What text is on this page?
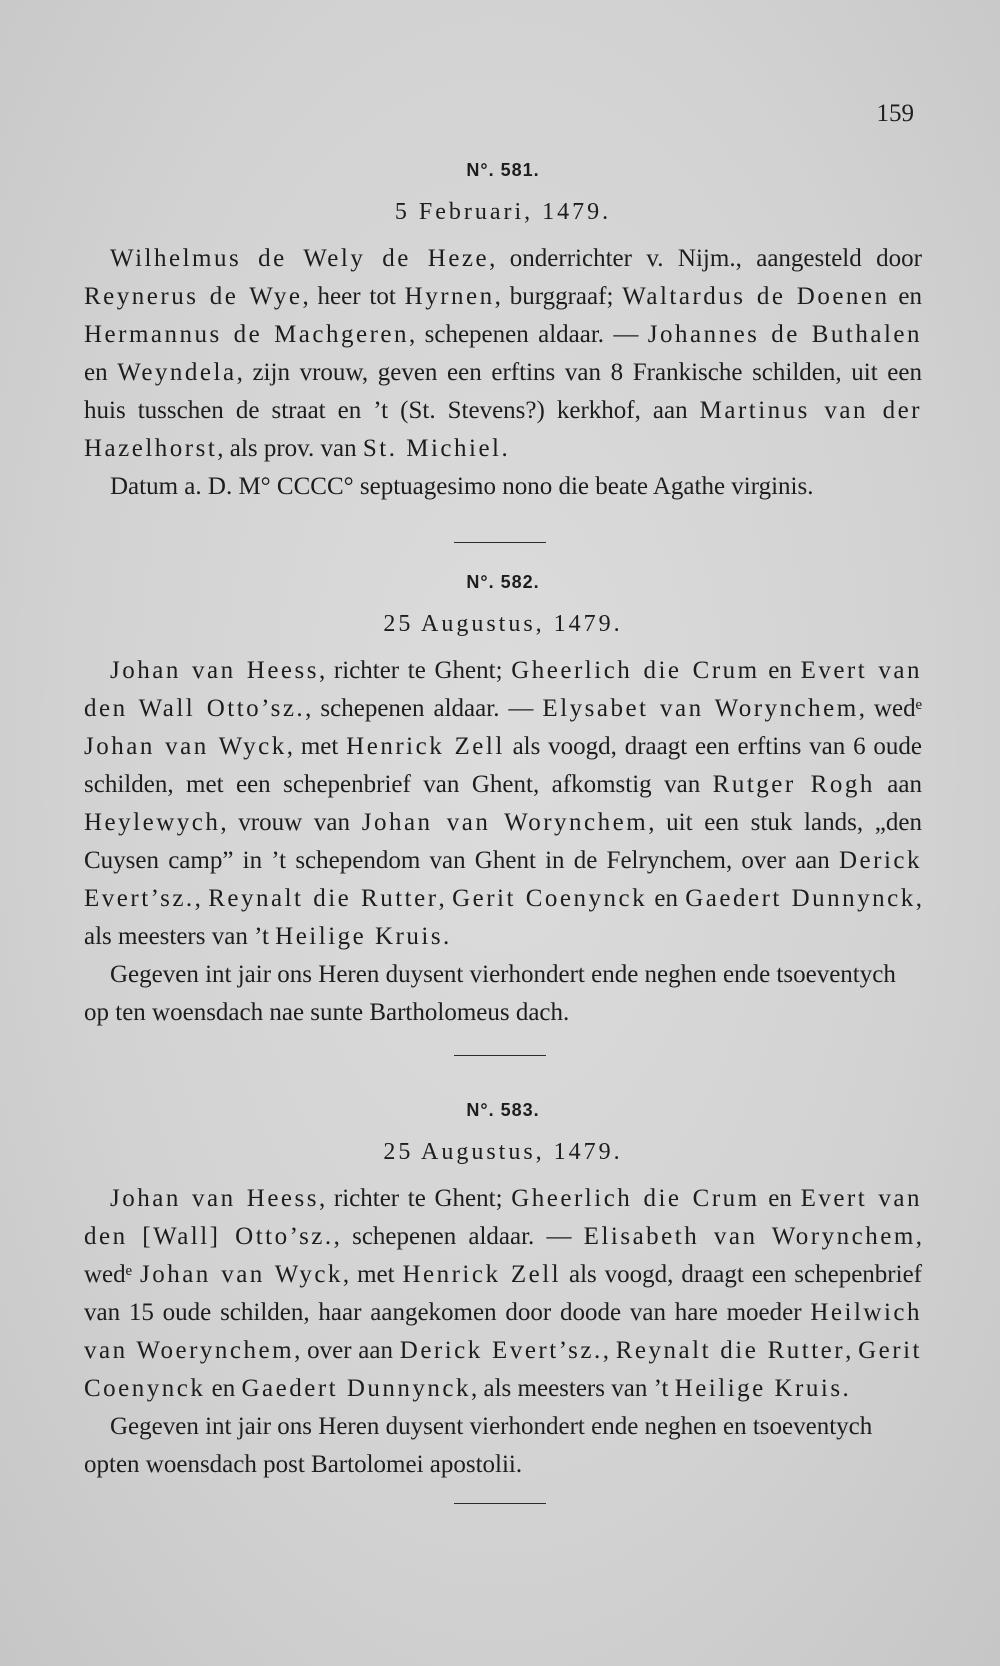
159
N°. 581.
5 Februari, 1479.

Wilhelmus de Wely de Heze, onderrichter v. Nijm., aangesteld door Reynerus de Wye, heer tot Hyrnen, burggraaf; Waltardus de Doenen en Hermannus de Machgeren, schepenen aldaar. — Johannes de Buthalen en Weyndela, zijn vrouw, geven een erftins van 8 Frankische schilden, uit een huis tusschen de straat en ’t (St. Stevens?) kerkhof, aan Martinus van der Hazelhorst, als prov. van St. Michiel.

Datum a. D. M° CCCC° septuagesimo nono die beate Agathe virginis.

N°. 582.
25 Augustus, 1479.

Johan van Heess, richter te Ghent; Gheerlich die Crum en Evert van den Wall Otto’sz., schepenen aldaar. — Elysabet van Worynchem, wedᵉ Johan van Wyck, met Henrick Zell als voogd, draagt een erftins van 6 oude schilden, met een schepenbrief van Ghent, afkomstig van Rutger Rogh aan Heylewych, vrouw van Johan van Worynchem, uit een stuk lands, „den Cuysen camp” in ’t schependom van Ghent in de Felrynchem, over aan Derick Evert’sz., Reynalt die Rutter, Gerit Coenynck en Gaedert Dunnynck, als meesters van ’t Heilige Kruis.

Gegeven int jair ons Heren duysent vierhondert ende neghen ende tsoeventych op ten woensdach nae sunte Bartholomeus dach.

N°. 583.
25 Augustus, 1479.

Johan van Heess, richter te Ghent; Gheerlich die Crum en Evert van den [Wall] Otto’sz., schepenen aldaar. — Elisabeth van Worynchem, wedᵉ Johan van Wyck, met Henrick Zell als voogd, draagt een schepenbrief van 15 oude schilden, haar aangekomen door doode van hare moeder Heilwich van Woerynchem, over aan Derick Evert’sz., Reynalt die Rutter, Gerit Coenynck en Gaedert Dunnynck, als meesters van ’t Heilige Kruis.

Gegeven int jair ons Heren duysent vierhondert ende neghen en tsoeventych opten woensdach post Bartolomei apostolii.
